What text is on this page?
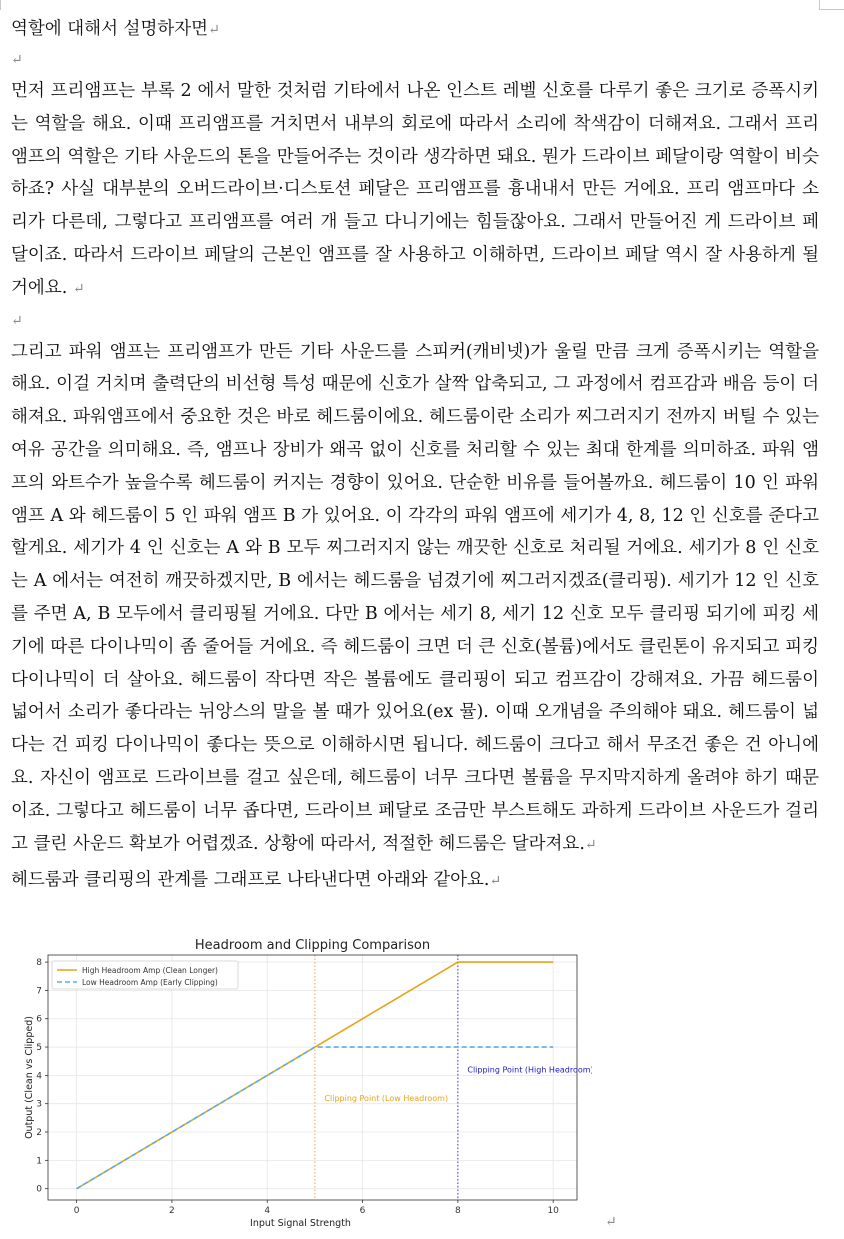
역할에 대해서 설명하자면↵
↵

먼저 프리앰프는 부록 2 에서 말한 것처럼 기타에서 나온 인스트 레벨 신호를 다루기 좋은 크기로 증폭시키는 역할을 해요. 이때 프리앰프를 거치면서 내부의 회로에 따라서 소리에 착색감이 더해져요. 그래서 프리앰프의 역할은 기타 사운드의 톤을 만들어주는 것이라 생각하면 돼요. 뭔가 드라이브 페달이랑 역할이 비슷하죠? 사실 대부분의 오버드라이브·디스토션 페달은 프리앰프를 흉내내서 만든 거에요. 프리 앰프마다 소리가 다른데, 그렇다고 프리앰프를 여러 개 들고 다니기에는 힘들잖아요. 그래서 만들어진 게 드라이브 페달이죠. 따라서 드라이브 페달의 근본인 앰프를 잘 사용하고 이해하면, 드라이브 페달 역시 잘 사용하게 될 거에요. ↵

↵

그리고 파워 앰프는 프리앰프가 만든 기타 사운드를 스피커(캐비넷)가 울릴 만큼 크게 증폭시키는 역할을 해요. 이걸 거치며 출력단의 비선형 특성 때문에 신호가 살짝 압축되고, 그 과정에서 컴프감과 배음 등이 더해져요. 파워앰프에서 중요한 것은 바로 헤드룸이에요. 헤드룸이란 소리가 찌그러지기 전까지 버틸 수 있는 여유 공간을 의미해요. 즉, 앰프나 장비가 왜곡 없이 신호를 처리할 수 있는 최대 한계를 의미하죠. 파워 앰프의 와트수가 높을수록 헤드룸이 커지는 경향이 있어요. 단순한 비유를 들어볼까요. 헤드룸이 10 인 파워 앰프 A 와 헤드룸이 5 인 파워 앰프 B 가 있어요. 이 각각의 파워 앰프에 세기가 4, 8, 12 인 신호를 준다고 할게요. 세기가 4 인 신호는 A 와 B 모두 찌그러지지 않는 깨끗한 신호로 처리될 거에요. 세기가 8 인 신호는 A 에서는 여전히 깨끗하겠지만, B 에서는 헤드룸을 넘겼기에 찌그러지겠죠(클리핑). 세기가 12 인 신호를 주면 A, B 모두에서 클리핑될 거에요. 다만 B 에서는 세기 8, 세기 12 신호 모두 클리핑 되기에 피킹 세기에 따른 다이나믹이 좀 줄어들 거에요. 즉 헤드룸이 크면 더 큰 신호(볼륨)에서도 클린톤이 유지되고 피킹 다이나믹이 더 살아요. 헤드룸이 작다면 작은 볼륨에도 클리핑이 되고 컴프감이 강해져요. 가끔 헤드룸이 넓어서 소리가 좋다라는 뉘앙스의 말을 볼 때가 있어요(ex 뮬). 이때 오개념을 주의해야 돼요. 헤드룸이 넓다는 건 피킹 다이나믹이 좋다는 뜻으로 이해하시면 됩니다. 헤드룸이 크다고 해서 무조건 좋은 건 아니에요. 자신이 앰프로 드라이브를 걸고 싶은데, 헤드룸이 너무 크다면 볼륨을 무지막지하게 올려야 하기 때문이죠. 그렇다고 헤드룸이 너무 좁다면, 드라이브 페달로 조금만 부스트해도 과하게 드라이브 사운드가 걸리고 클린 사운드 확보가 어렵겠죠. 상황에 따라서, 적절한 헤드룸은 달라져요.↵

헤드룸과 클리핑의 관계를 그래프로 나타낸다면 아래와 같아요.↵
Headroom and Clipping Comparison
Clipping Point (Low Headroom)
Clipping Point (High Headroom)
0	2	4	6	8	10
0
1
2
3
4
5
6
7
8
Input Signal Strength
Output (Clean vs Clipped)
High Headroom Amp (Clean Longer)
Low Headroom Amp (Early Clipping)
↵
